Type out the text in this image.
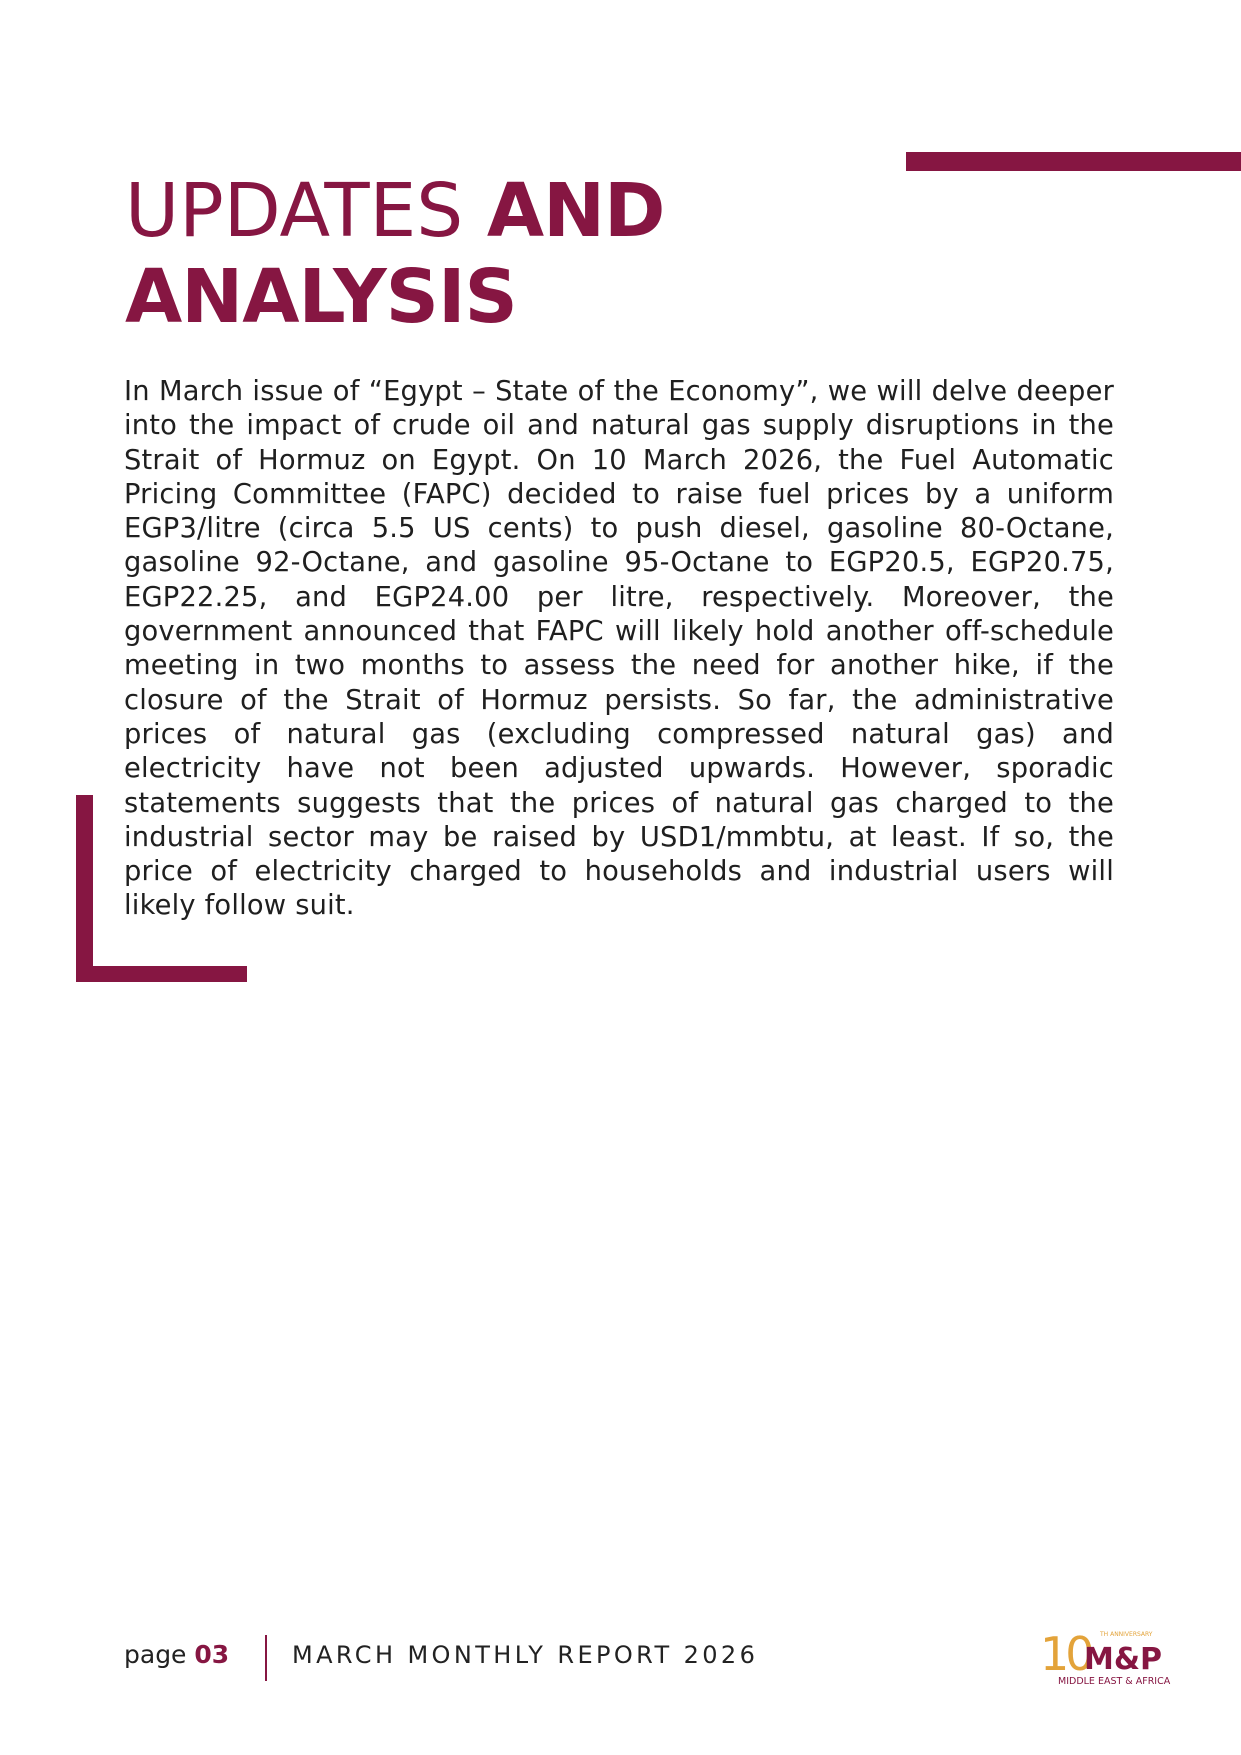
UPDATES AND
ANALYSIS

In March issue of “Egypt – State of the Economy”, we will delve deeper into the impact of crude oil and natural gas supply disruptions in the Strait of Hormuz on Egypt. On 10 March 2026, the Fuel Automatic Pricing Committee (FAPC) decided to raise fuel prices by a uniform EGP3/litre (circa 5.5 US cents) to push diesel, gasoline 80-Octane, gasoline 92-Octane, and gasoline 95-Octane to EGP20.5, EGP20.75, EGP22.25, and EGP24.00 per litre, respectively. Moreover, the government announced that FAPC will likely hold another off-schedule meeting in two months to assess the need for another hike, if the closure of the Strait of Hormuz persists. So far, the administrative prices of natural gas (excluding compressed natural gas) and electricity have not been adjusted upwards. However, sporadic statements suggests that the prices of natural gas charged to the industrial sector may be raised by USD1/mmbtu, at least. If so, the price of electricity charged to households and industrial users will likely follow suit.

page 03	MARCH MONTHLY REPORT 2026	10 TH ANNIVERSARY
M&P
MIDDLE EAST & AFRICA
